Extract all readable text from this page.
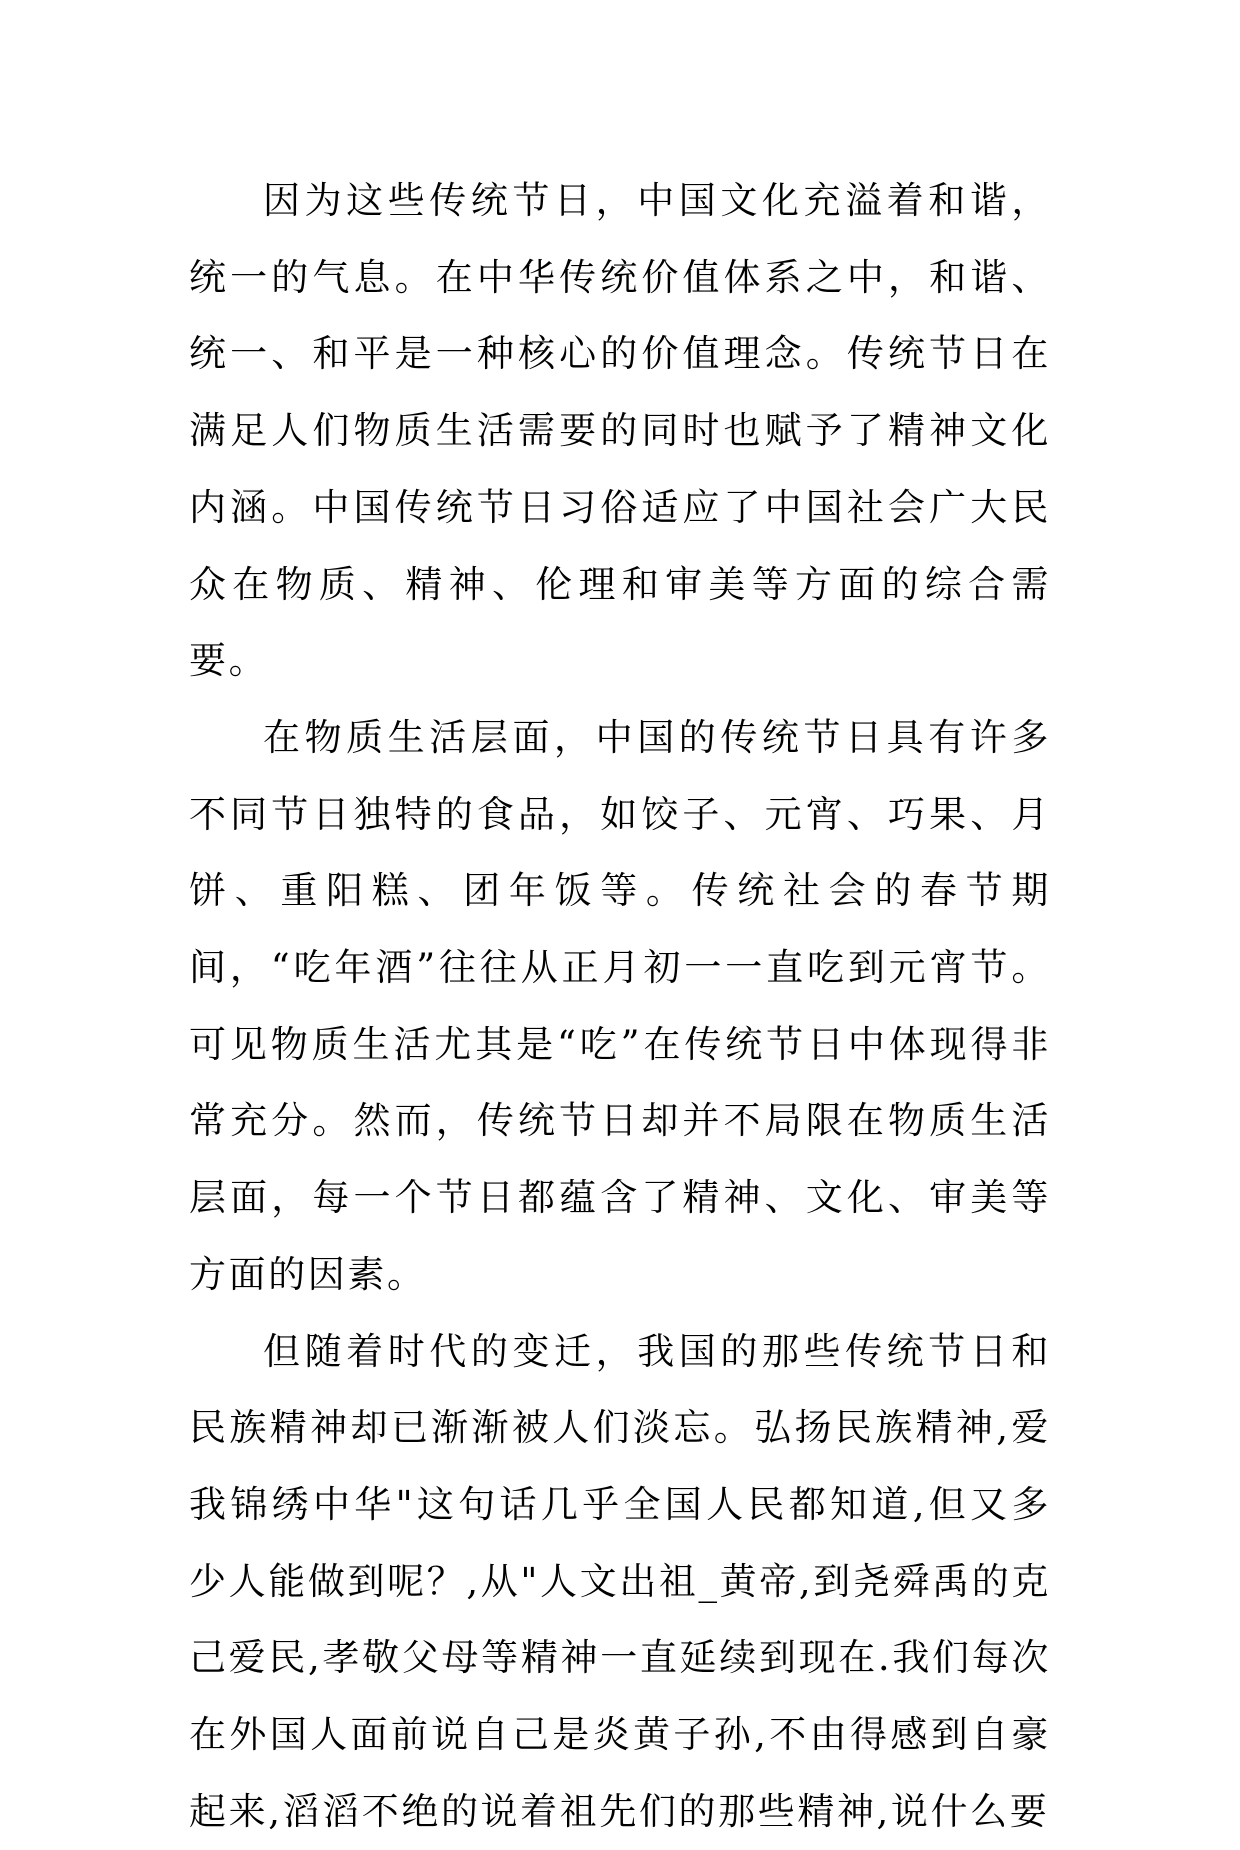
因为这些传统节日，中国文化充溢着和谐，统一的气息。在中华传统价值体系之中，和谐、统一、和平是一种核心的价值理念。传统节日在满足人们物质生活需要的同时也赋予了精神文化内涵。中国传统节日习俗适应了中国社会广大民众在物质、精神、伦理和审美等方面的综合需要。

在物质生活层面，中国的传统节日具有许多不同节日独特的食品，如饺子、元宵、巧果、月饼、重阳糕、团年饭等。传统社会的春节期间，“吃年酒”往往从正月初一一直吃到元宵节。可见物质生活尤其是“吃”在传统节日中体现得非常充分。然而，传统节日却并不局限在物质生活层面，每一个节日都蕴含了精神、文化、审美等方面的因素。

但随着时代的变迁，我国的那些传统节日和民族精神却已渐渐被人们淡忘。弘扬民族精神,爱我锦绣中华"这句话几乎全国人民都知道,但又多少人能做到呢？,从"人文出祖_黄帝,到尧舜禹的克己爱民,孝敬父母等精神一直延续到现在.我们每次在外国人面前说自己是炎黄子孙,不由得感到自豪起来,滔滔不绝的说着祖先们的那些精神,说什么要
